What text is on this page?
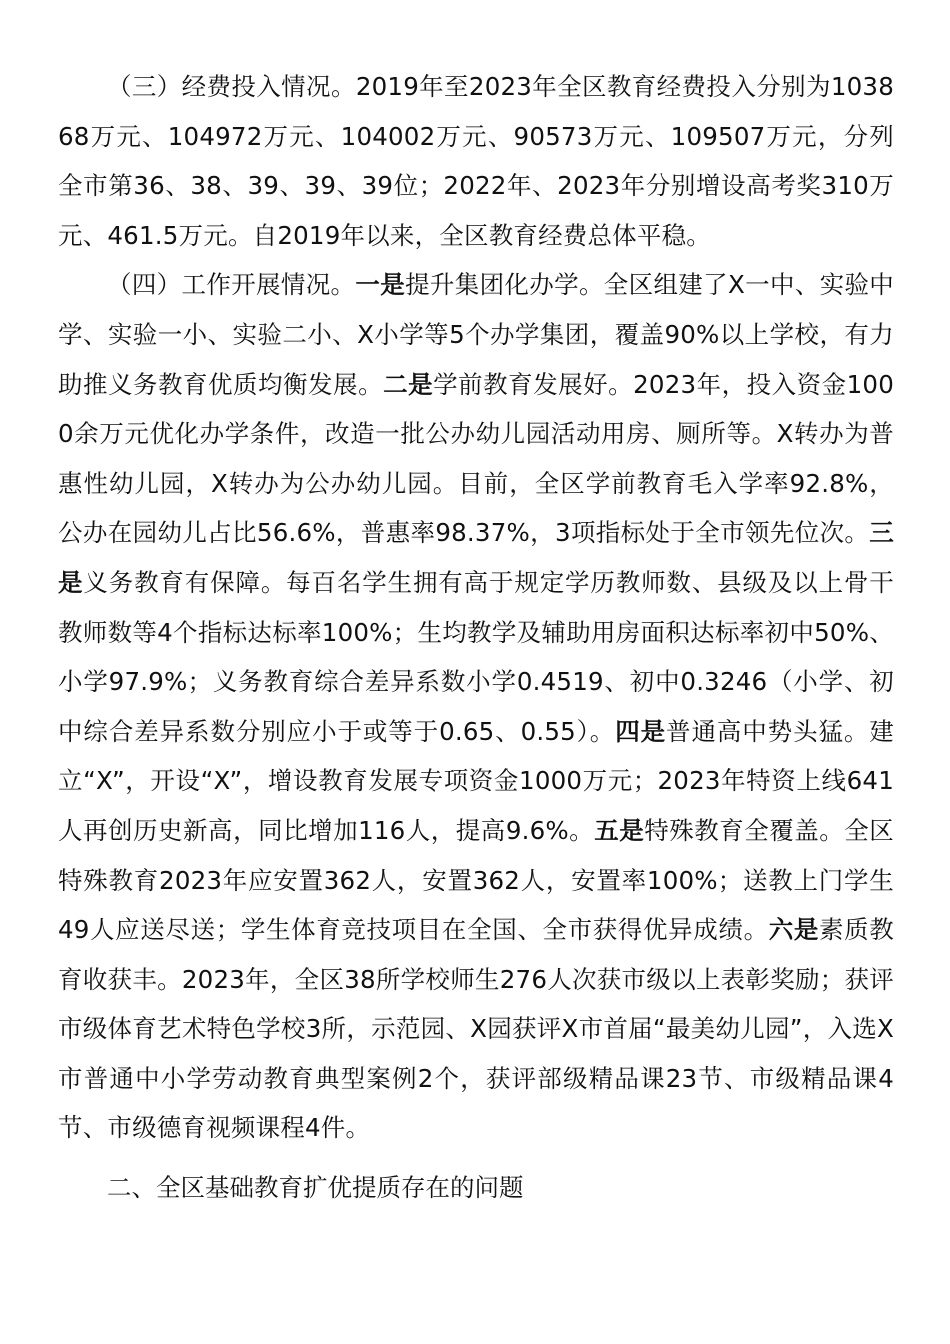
（三）经费投入情况。2019年至2023年全区教育经费投入分别为103868万元、104972万元、104002万元、90573万元、109507万元，分列全市第36、38、39、39、39位；2022年、2023年分别增设高考奖310万元、461.5万元。自2019年以来，全区教育经费总体平稳。

（四）工作开展情况。一是提升集团化办学。全区组建了X一中、实验中学、实验一小、实验二小、X小学等5个办学集团，覆盖90%以上学校，有力助推义务教育优质均衡发展。二是学前教育发展好。2023年，投入资金1000余万元优化办学条件，改造一批公办幼儿园活动用房、厕所等。X转办为普惠性幼儿园，X转办为公办幼儿园。目前，全区学前教育毛入学率92.8%，公办在园幼儿占比56.6%，普惠率98.37%，3项指标处于全市领先位次。三是义务教育有保障。每百名学生拥有高于规定学历教师数、县级及以上骨干教师数等4个指标达标率100%；生均教学及辅助用房面积达标率初中50%、小学97.9%；义务教育综合差异系数小学0.4519、初中0.3246（小学、初中综合差异系数分别应小于或等于0.65、0.55）。四是普通高中势头猛。建立“X”，开设“X”，增设教育发展专项资金1000万元；2023年特资上线641人再创历史新高，同比增加116人，提高9.6%。五是特殊教育全覆盖。全区特殊教育2023年应安置362人，安置362人，安置率100%；送教上门学生49人应送尽送；学生体育竞技项目在全国、全市获得优异成绩。六是素质教育收获丰。2023年，全区38所学校师生276人次获市级以上表彰奖励；获评市级体育艺术特色学校3所，示范园、X园获评X市首届“最美幼儿园”，入选X市普通中小学劳动教育典型案例2个，获评部级精品课23节、市级精品课4节、市级德育视频课程4件。

二、全区基础教育扩优提质存在的问题
